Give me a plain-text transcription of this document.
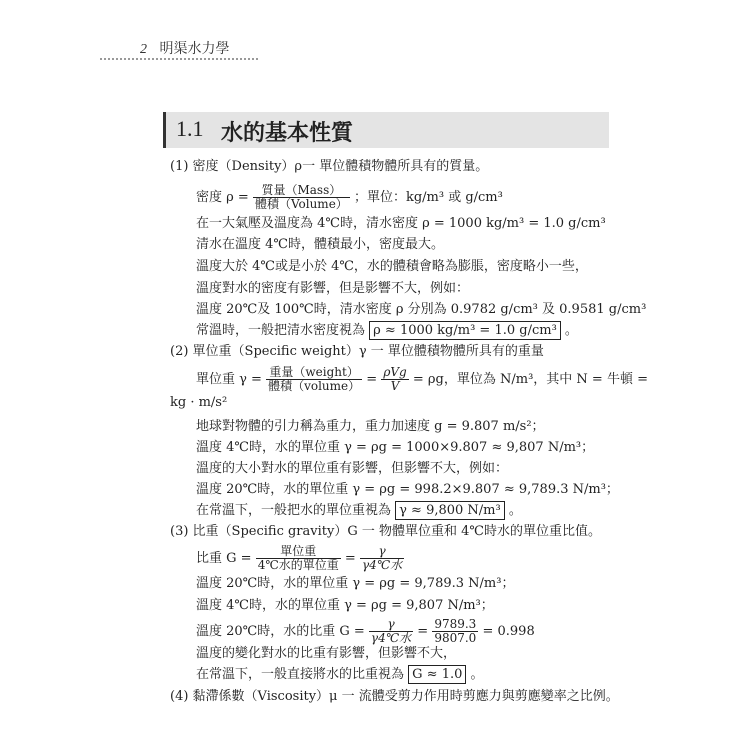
2 明渠水力學
1.1 水的基本性質
(1) 密度（Density）ρ一 單位體積物體所具有的質量。
密度 $\rho = \frac{\text{質量（Mass）}}{\text{體積（Volume）}}$ ；單位：kg/m³ 或 g/cm³
在一大氣壓及溫度為 4℃時，清水密度 ρ = 1000 kg/m³ = 1.0 g/cm³
清水在溫度 4℃時，體積最小，密度最大。
溫度大於 4℃或是小於 4℃，水的體積會略為膨脹，密度略小一些，
溫度對水的密度有影響，但是影響不大，例如：
溫度 20℃及 100℃時，清水密度 ρ 分別為 0.9782 g/cm³ 及 0.9581 g/cm³
常溫時，一般把清水密度視為 ρ ≈ 1000 kg/m³ = 1.0 g/cm³ 。
(2) 單位重（Specific weight）γ 一 單位體積物體所具有的重量
單位重 $\gamma = \frac{\text{重量（weight）}}{\text{體積（volume）}} = \frac{\text{ρVg}}{V} = \rho g$，單位為 N/m³，其中 N = 牛頓 =
kg · m/s²
地球對物體的引力稱為重力，重力加速度 g = 9.807 m/s²；
溫度 4℃時，水的單位重 γ = ρg = 1000×9.807 ≈ 9,807 N/m³；
溫度的大小對水的單位重有影響，但影響不大，例如：
溫度 20℃時，水的單位重 γ = ρg = 998.2×9.807 ≈ 9,789.3 N/m³；
在常溫下，一般把水的單位重視為 γ ≈ 9,800 N/m³ 。
(3) 比重（Specific gravity）G 一 物體單位重和 4℃時水的單位重比值。
比重 $G = \frac{\text{單位重}}{\text{4℃水的單位重}} = \frac{\gamma}{\text{γ4℃水}}$
溫度 20℃時，水的單位重 γ = ρg = 9,789.3 N/m³；
溫度 4℃時，水的單位重 γ = ρg = 9,807 N/m³；
溫度 20℃時，水的比重 $G = \frac{\gamma}{\text{γ4℃水}} = \frac{9789.3}{9807.0} = 0.998$
溫度的變化對水的比重有影響，但影響不大，
在常溫下，一般直接將水的比重視為 G ≈ 1.0 。
(4) 黏滯係數（Viscosity）μ 一 流體受剪力作用時剪應力與剪應變率之比例。
